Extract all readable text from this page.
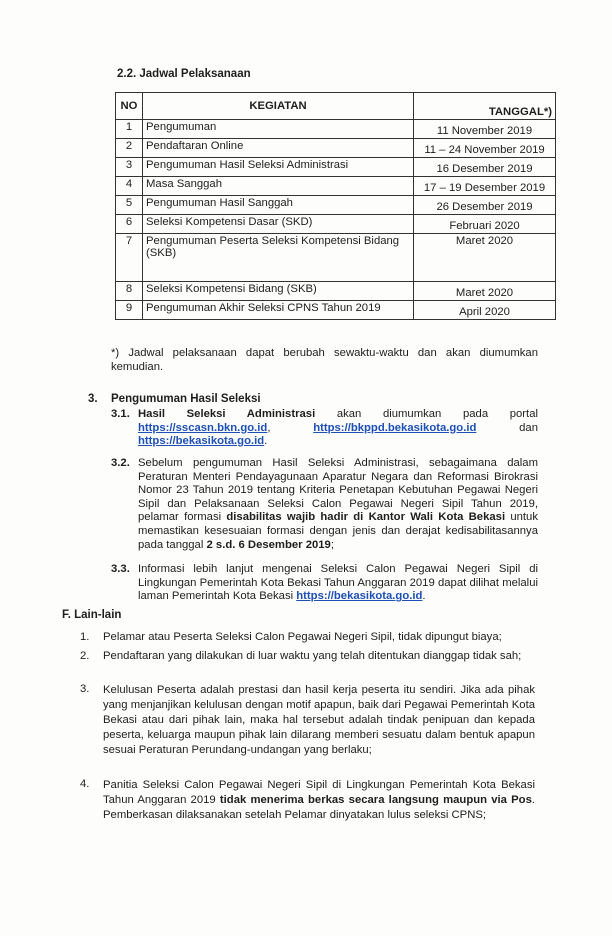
2.2. Jadwal Pelaksanaan
NO	KEGIATAN	TANGGAL*)
1	Pengumuman	11 November 2019
2	Pendaftaran Online	11 – 24 November 2019
3	Pengumuman Hasil Seleksi Administrasi	16 Desember 2019
4	Masa Sanggah	17 – 19 Desember 2019
5	Pengumuman Hasil Sanggah	26 Desember 2019
6	Seleksi Kompetensi Dasar (SKD)	Februari 2020
7	Pengumuman Peserta Seleksi Kompetensi Bidang (SKB)	Maret 2020
8	Seleksi Kompetensi Bidang (SKB)	Maret 2020
9	Pengumuman Akhir Seleksi CPNS Tahun 2019	April 2020
*) Jadwal pelaksanaan dapat berubah sewaktu-waktu dan akan diumumkan kemudian.
3. Pengumuman Hasil Seleksi
3.1. Hasil Seleksi Administrasi akan diumumkan pada portal https://sscasn.bkn.go.id, https://bkppd.bekasikota.go.id dan https://bekasikota.go.id.
3.2. Sebelum pengumuman Hasil Seleksi Administrasi, sebagaimana dalam Peraturan Menteri Pendayagunaan Aparatur Negara dan Reformasi Birokrasi Nomor 23 Tahun 2019 tentang Kriteria Penetapan Kebutuhan Pegawai Negeri Sipil dan Pelaksanaan Seleksi Calon Pegawai Negeri Sipil Tahun 2019, pelamar formasi disabilitas wajib hadir di Kantor Wali Kota Bekasi untuk memastikan kesesuaian formasi dengan jenis dan derajat kedisabilitasannya pada tanggal 2 s.d. 6 Desember 2019;
3.3. Informasi lebih lanjut mengenai Seleksi Calon Pegawai Negeri Sipil di Lingkungan Pemerintah Kota Bekasi Tahun Anggaran 2019 dapat dilihat melalui laman Pemerintah Kota Bekasi https://bekasikota.go.id.
F. Lain-lain
1. Pelamar atau Peserta Seleksi Calon Pegawai Negeri Sipil, tidak dipungut biaya;
2. Pendaftaran yang dilakukan di luar waktu yang telah ditentukan dianggap tidak sah;
3. Kelulusan Peserta adalah prestasi dan hasil kerja peserta itu sendiri. Jika ada pihak yang menjanjikan kelulusan dengan motif apapun, baik dari Pegawai Pemerintah Kota Bekasi atau dari pihak lain, maka hal tersebut adalah tindak penipuan dan kepada peserta, keluarga maupun pihak lain dilarang memberi sesuatu dalam bentuk apapun sesuai Peraturan Perundang-undangan yang berlaku;
4. Panitia Seleksi Calon Pegawai Negeri Sipil di Lingkungan Pemerintah Kota Bekasi Tahun Anggaran 2019 tidak menerima berkas secara langsung maupun via Pos. Pemberkasan dilaksanakan setelah Pelamar dinyatakan lulus seleksi CPNS;
